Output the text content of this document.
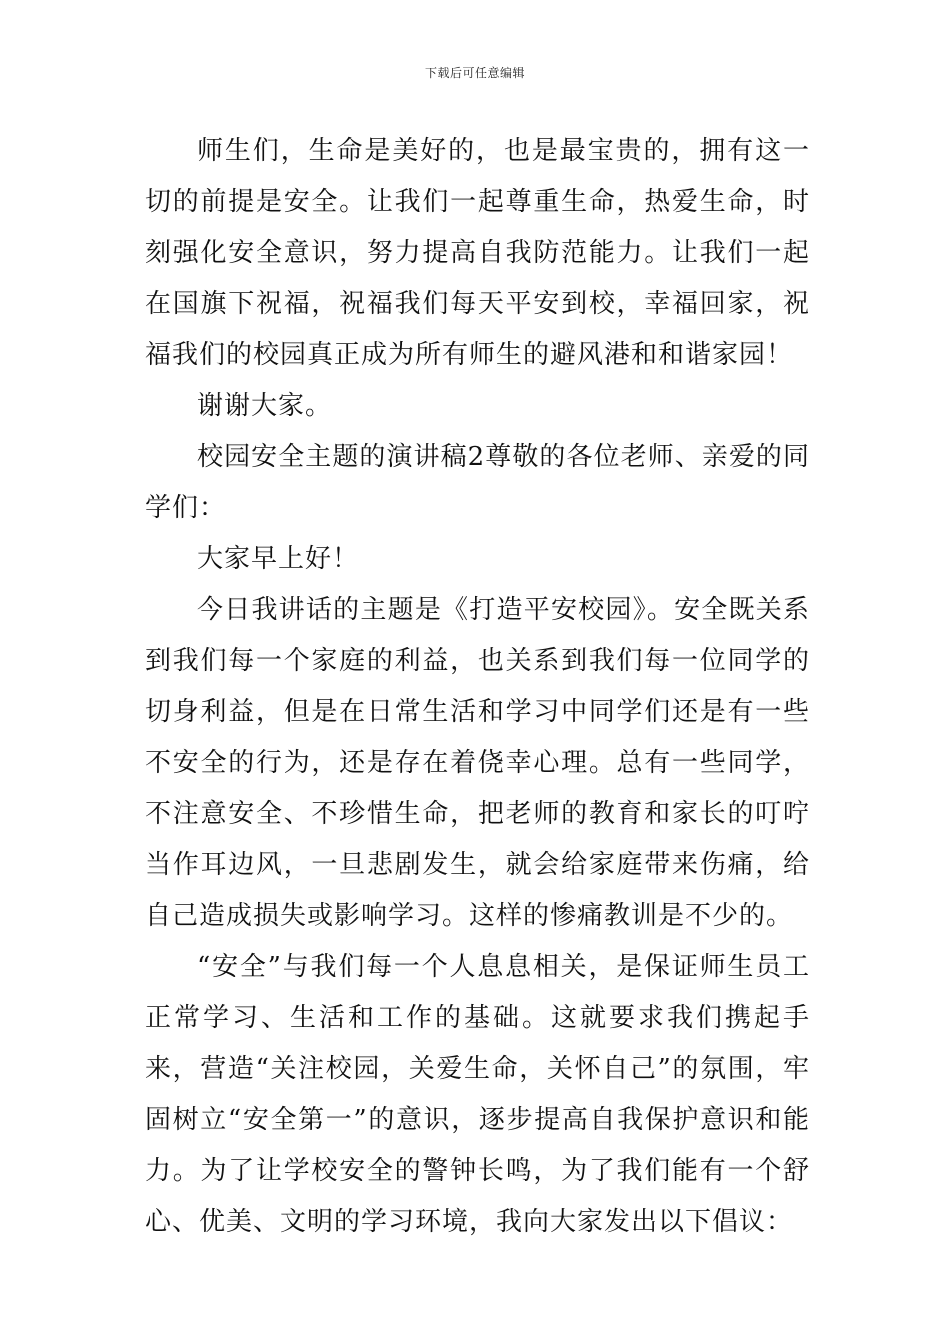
下载后可任意编辑

师生们，生命是美好的，也是最宝贵的，拥有这一切的前提是安全。让我们一起尊重生命，热爱生命，时刻强化安全意识，努力提高自我防范能力。让我们一起在国旗下祝福，祝福我们每天平安到校，幸福回家，祝福我们的校园真正成为所有师生的避风港和和谐家园！

谢谢大家。

校园安全主题的演讲稿2尊敬的各位老师、亲爱的同学们：

大家早上好！

今日我讲话的主题是《打造平安校园》。安全既关系到我们每一个家庭的利益，也关系到我们每一位同学的切身利益，但是在日常生活和学习中同学们还是有一些不安全的行为，还是存在着侥幸心理。总有一些同学，不注意安全、不珍惜生命，把老师的教育和家长的叮咛当作耳边风，一旦悲剧发生，就会给家庭带来伤痛，给自己造成损失或影响学习。这样的惨痛教训是不少的。

“安全”与我们每一个人息息相关，是保证师生员工正常学习、生活和工作的基础。这就要求我们携起手来，营造“关注校园，关爱生命，关怀自己”的氛围，牢固树立“安全第一”的意识，逐步提高自我保护意识和能力。为了让学校安全的警钟长鸣，为了我们能有一个舒心、优美、文明的学习环境，我向大家发出以下倡议：
